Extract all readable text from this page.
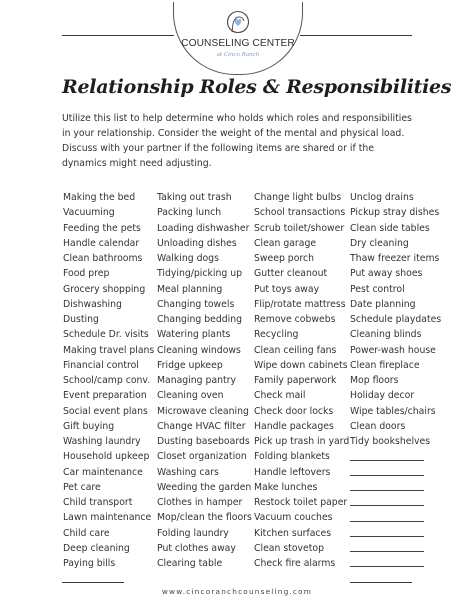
COUNSELING CENTER
at Cinco Ranch
Relationship Roles & Responsibilities
Utilize this list to help determine who holds which roles and responsibilities in your relationship. Consider the weight of the mental and physical load. Discuss with your partner if the following items are shared or if the dynamics might need adjusting.
Making the bed
Vacuuming
Feeding the pets
Handle calendar
Clean bathrooms
Food prep
Grocery shopping
Dishwashing
Dusting
Schedule Dr. visits
Making travel plans
Financial control
School/camp conv.
Event preparation
Social event plans
Gift buying
Washing laundry
Household upkeep
Car maintenance
Pet care
Child transport
Lawn maintenance
Child care
Deep cleaning
Paying bills
Taking out trash
Packing lunch
Loading dishwasher
Unloading dishes
Walking dogs
Tidying/picking up
Meal planning
Changing towels
Changing bedding
Watering plants
Cleaning windows
Fridge upkeep
Managing pantry
Cleaning oven
Microwave cleaning
Change HVAC filter
Dusting baseboards
Closet organization
Washing cars
Weeding the garden
Clothes in hamper
Mop/clean the floors
Folding laundry
Put clothes away
Clearing table
Change light bulbs
School transactions
Scrub toilet/shower
Clean garage
Sweep porch
Gutter cleanout
Put toys away
Flip/rotate mattress
Remove cobwebs
Recycling
Clean ceiling fans
Wipe down cabinets
Family paperwork
Check mail
Check door locks
Handle packages
Pick up trash in yard
Folding blankets
Handle leftovers
Make lunches
Restock toilet paper
Vacuum couches
Kitchen surfaces
Clean stovetop
Check fire alarms
Unclog drains
Pickup stray dishes
Clean side tables
Dry cleaning
Thaw freezer items
Put away shoes
Pest control
Date planning
Schedule playdates
Cleaning blinds
Power-wash house
Clean fireplace
Mop floors
Holiday decor
Wipe tables/chairs
Clean doors
Tidy bookshelves
www.cincoranchcounseling.com
